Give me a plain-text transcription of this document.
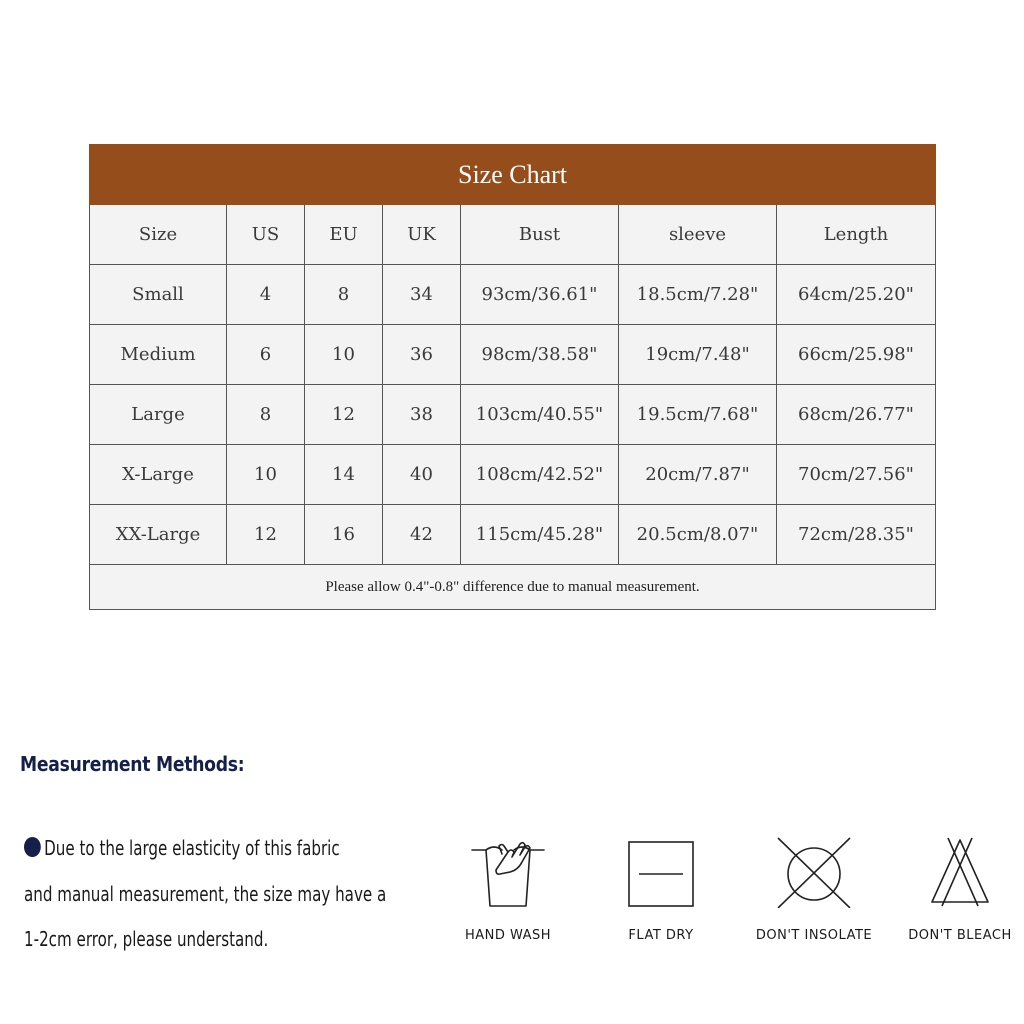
Size Chart						
Size	US	EU	UK	Bust	sleeve	Length
Small	4	8	34	93cm/36.61"	18.5cm/7.28"	64cm/25.20"
Medium	6	10	36	98cm/38.58"	19cm/7.48"	66cm/25.98"
Large	8	12	38	103cm/40.55"	19.5cm/7.68"	68cm/26.77"
X-Large	10	14	40	108cm/42.52"	20cm/7.87"	70cm/27.56"
XX-Large	12	16	42	115cm/45.28"	20.5cm/8.07"	72cm/28.35"
Please allow 0.4"-0.8" difference due to manual measurement.						
Measurement Methods:
Due to the large elasticity of this fabric
and manual measurement, the size may have a
1-2cm error, please understand.	HAND WASH	FLAT DRY	DON'T INSOLATE	DON'T BLEACH
